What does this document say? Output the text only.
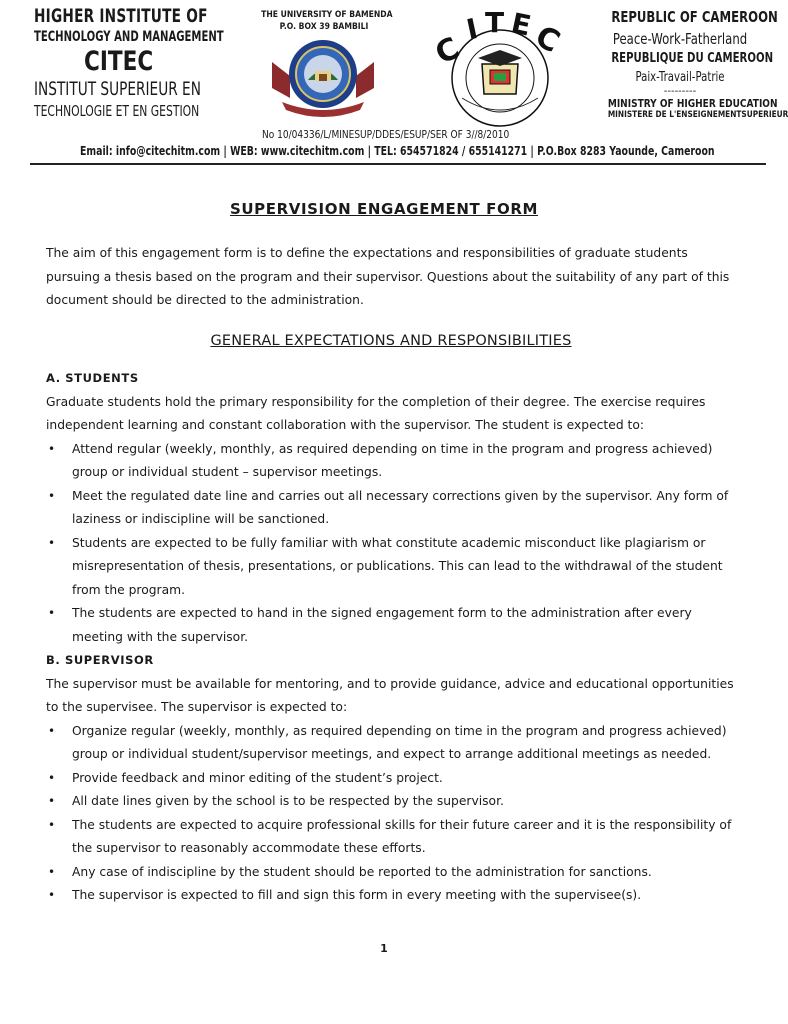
HIGHER INSTITUTE OF
TECHNOLOGY AND MANAGEMENT
CITEC
INSTITUT SUPERIEUR EN
TECHNOLOGIE ET EN GESTION
THE UNIVERSITY OF BAMENDA
P.O. BOX 39 BAMBILI
C
I T E
C
REPUBLIC OF CAMEROON
Peace-Work-Fatherland
REPUBLIQUE DU CAMEROON
Paix-Travail-Patrie
---------
MINISTRY OF HIGHER EDUCATION
MINISTERE DE L'ENSEIGNEMENTSUPERIEUR
No 10/04336/L/MINESUP/DDES/ESUP/SER OF 3//8/2010
Email: info@citechitm.com | WEB: www.citechitm.com | TEL: 654571824 / 655141271 | P.O.Box 8283 Yaounde, Cameroon
SUPERVISION ENGAGEMENT FORM

The aim of this engagement form is to define the expectations and responsibilities of graduate students pursuing a thesis based on the program and their supervisor. Questions about the suitability of any part of this document should be directed to the administration.

GENERAL EXPECTATIONS AND RESPONSIBILITIES
A. STUDENTS

Graduate students hold the primary responsibility for the completion of their degree. The exercise requires independent learning and constant collaboration with the supervisor. The student is expected to:

• Attend regular (weekly, monthly, as required depending on time in the program and progress achieved) group or individual student – supervisor meetings.
• Meet the regulated date line and carries out all necessary corrections given by the supervisor. Any form of laziness or indiscipline will be sanctioned.
• Students are expected to be fully familiar with what constitute academic misconduct like plagiarism or misrepresentation of thesis, presentations, or publications. This can lead to the withdrawal of the student from the program.
• The students are expected to hand in the signed engagement form to the administration after every meeting with the supervisor.
B. SUPERVISOR

The supervisor must be available for mentoring, and to provide guidance, advice and educational opportunities to the supervisee. The supervisor is expected to:

• Organize regular (weekly, monthly, as required depending on time in the program and progress achieved) group or individual student/supervisor meetings, and expect to arrange additional meetings as needed.
• Provide feedback and minor editing of the student’s project.
• All date lines given by the school is to be respected by the supervisor.
• The students are expected to acquire professional skills for their future career and it is the responsibility of the supervisor to reasonably accommodate these efforts.
• Any case of indiscipline by the student should be reported to the administration for sanctions.
• The supervisor is expected to fill and sign this form in every meeting with the supervisee(s).
1
